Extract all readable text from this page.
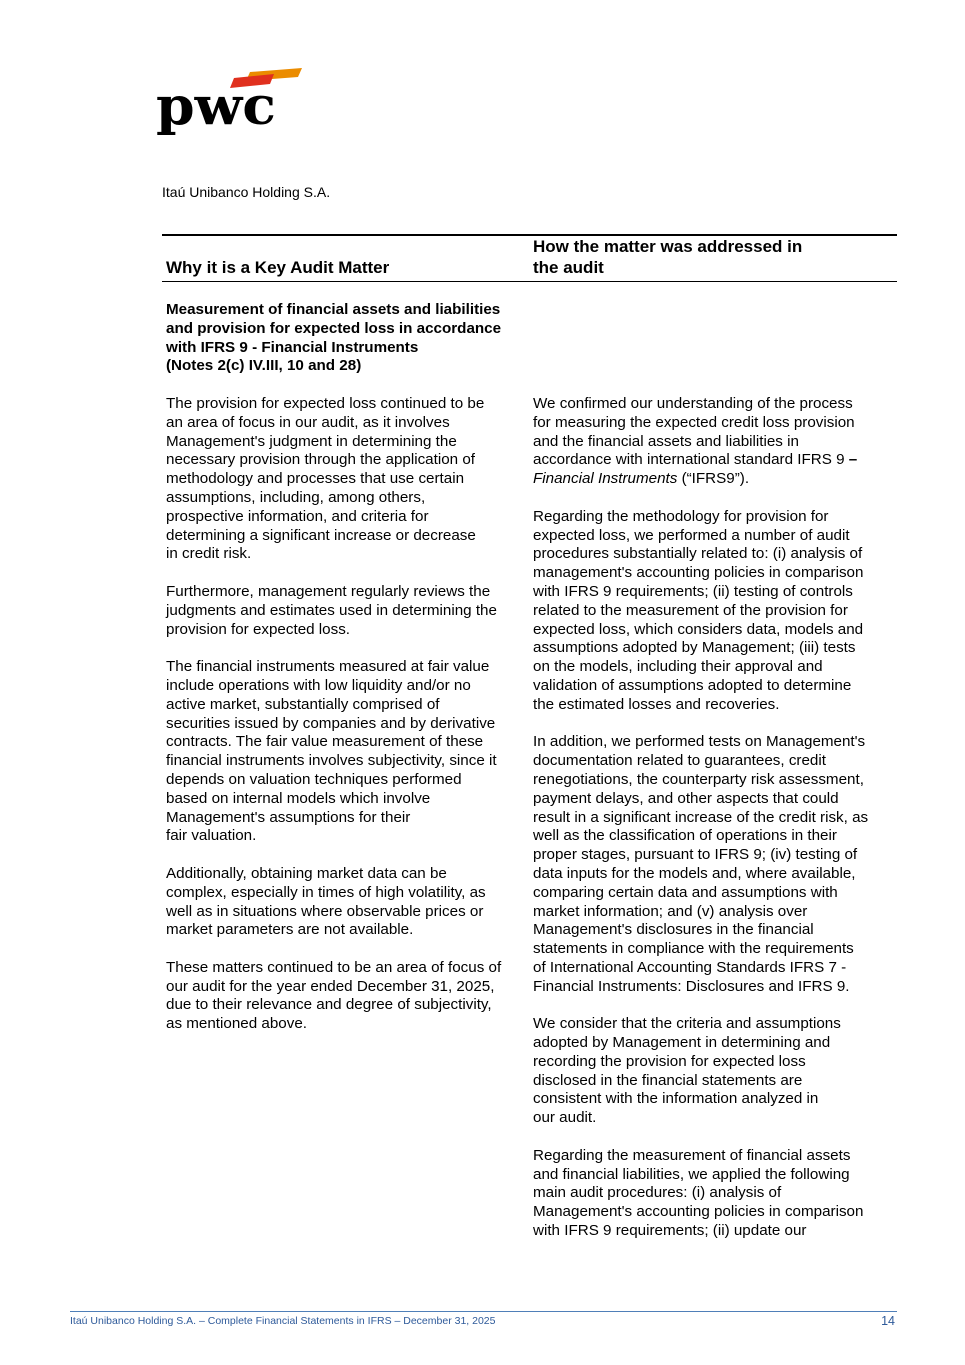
pwc
Itaú Unibanco Holding S.A.
Why it is a Key Audit Matter
How the matter was addressed in
the audit
Measurement of financial assets and liabilities
and provision for expected loss in accordance
with IFRS 9 - Financial Instruments
(Notes 2(c) IV.III, 10 and 28)

The provision for expected loss continued to be
an area of focus in our audit, as it involves
Management's judgment in determining the
necessary provision through the application of
methodology and processes that use certain
assumptions, including, among others,
prospective information, and criteria for
determining a significant increase or decrease
in credit risk.

Furthermore, management regularly reviews the
judgments and estimates used in determining the
provision for expected loss.

The financial instruments measured at fair value
include operations with low liquidity and/or no
active market, substantially comprised of
securities issued by companies and by derivative
contracts. The fair value measurement of these
financial instruments involves subjectivity, since it
depends on valuation techniques performed
based on internal models which involve
Management's assumptions for their
fair valuation.

Additionally, obtaining market data can be
complex, especially in times of high volatility, as
well as in situations where observable prices or
market parameters are not available.

These matters continued to be an area of focus of
our audit for the year ended December 31, 2025,
due to their relevance and degree of subjectivity,
as mentioned above.

We confirmed our understanding of the process
for measuring the expected credit loss provision
and the financial assets and liabilities in
accordance with international standard IFRS 9 –
Financial Instruments (“IFRS9”).

Regarding the methodology for provision for
expected loss, we performed a number of audit
procedures substantially related to: (i) analysis of
management's accounting policies in comparison
with IFRS 9 requirements; (ii) testing of controls
related to the measurement of the provision for
expected loss, which considers data, models and
assumptions adopted by Management; (iii) tests
on the models, including their approval and
validation of assumptions adopted to determine
the estimated losses and recoveries.

In addition, we performed tests on Management's
documentation related to guarantees, credit
renegotiations, the counterparty risk assessment,
payment delays, and other aspects that could
result in a significant increase of the credit risk, as
well as the classification of operations in their
proper stages, pursuant to IFRS 9; (iv) testing of
data inputs for the models and, where available,
comparing certain data and assumptions with
market information; and (v) analysis over
Management's disclosures in the financial
statements in compliance with the requirements
of International Accounting Standards IFRS 7 -
Financial Instruments: Disclosures and IFRS 9.

We consider that the criteria and assumptions
adopted by Management in determining and
recording the provision for expected loss
disclosed in the financial statements are
consistent with the information analyzed in
our audit.

Regarding the measurement of financial assets
and financial liabilities, we applied the following
main audit procedures: (i) analysis of
Management's accounting policies in comparison
with IFRS 9 requirements; (ii) update our

Itaú Unibanco Holding S.A. – Complete Financial Statements in IFRS – December 31, 2025	14
